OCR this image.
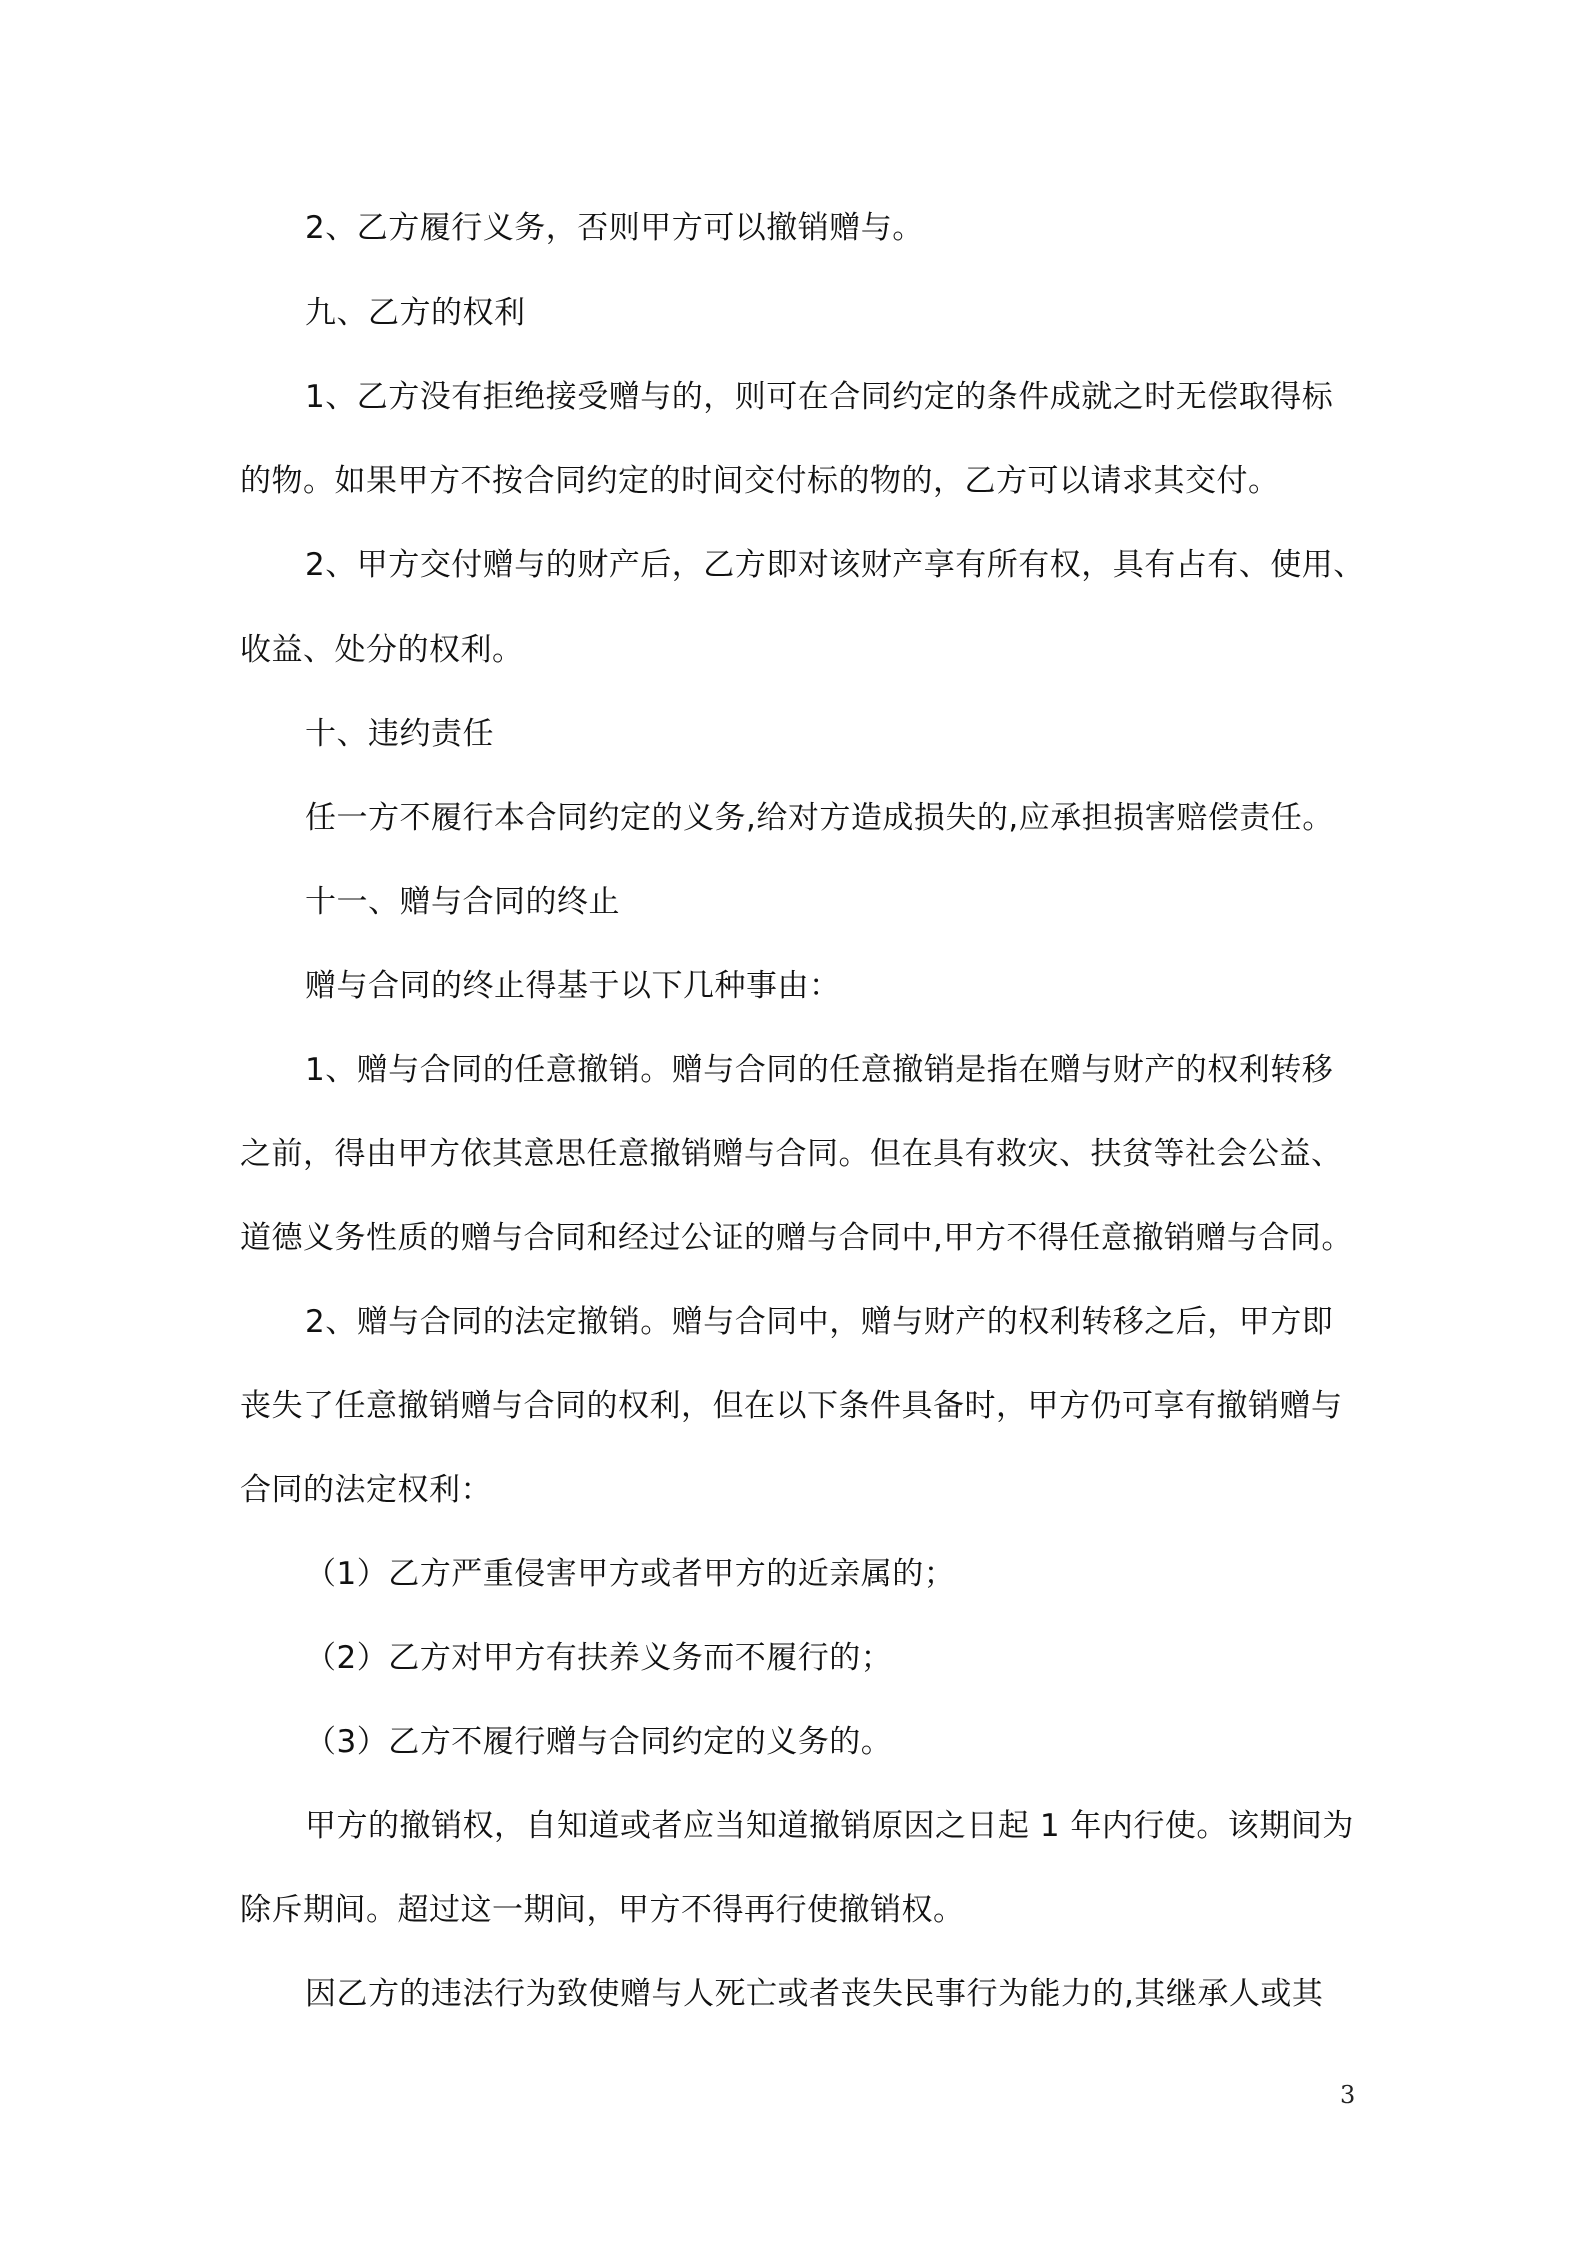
2、乙方履行义务，否则甲方可以撤销赠与。
九、乙方的权利
1、乙方没有拒绝接受赠与的，则可在合同约定的条件成就之时无偿取得标
的物。如果甲方不按合同约定的时间交付标的物的，乙方可以请求其交付。
2、甲方交付赠与的财产后，乙方即对该财产享有所有权，具有占有、使用、
收益、处分的权利。
十、违约责任
任一方不履行本合同约定的义务,给对方造成损失的,应承担损害赔偿责任。
十一、赠与合同的终止
赠与合同的终止得基于以下几种事由：
1、赠与合同的任意撤销。赠与合同的任意撤销是指在赠与财产的权利转移
之前，得由甲方依其意思任意撤销赠与合同。但在具有救灾、扶贫等社会公益、
道德义务性质的赠与合同和经过公证的赠与合同中,甲方不得任意撤销赠与合同。
2、赠与合同的法定撤销。赠与合同中，赠与财产的权利转移之后，甲方即
丧失了任意撤销赠与合同的权利，但在以下条件具备时，甲方仍可享有撤销赠与
合同的法定权利：
（1）乙方严重侵害甲方或者甲方的近亲属的；
（2）乙方对甲方有扶养义务而不履行的；
（3）乙方不履行赠与合同约定的义务的。
甲方的撤销权，自知道或者应当知道撤销原因之日起 1 年内行使。该期间为
除斥期间。超过这一期间，甲方不得再行使撤销权。
因乙方的违法行为致使赠与人死亡或者丧失民事行为能力的,其继承人或其
3
